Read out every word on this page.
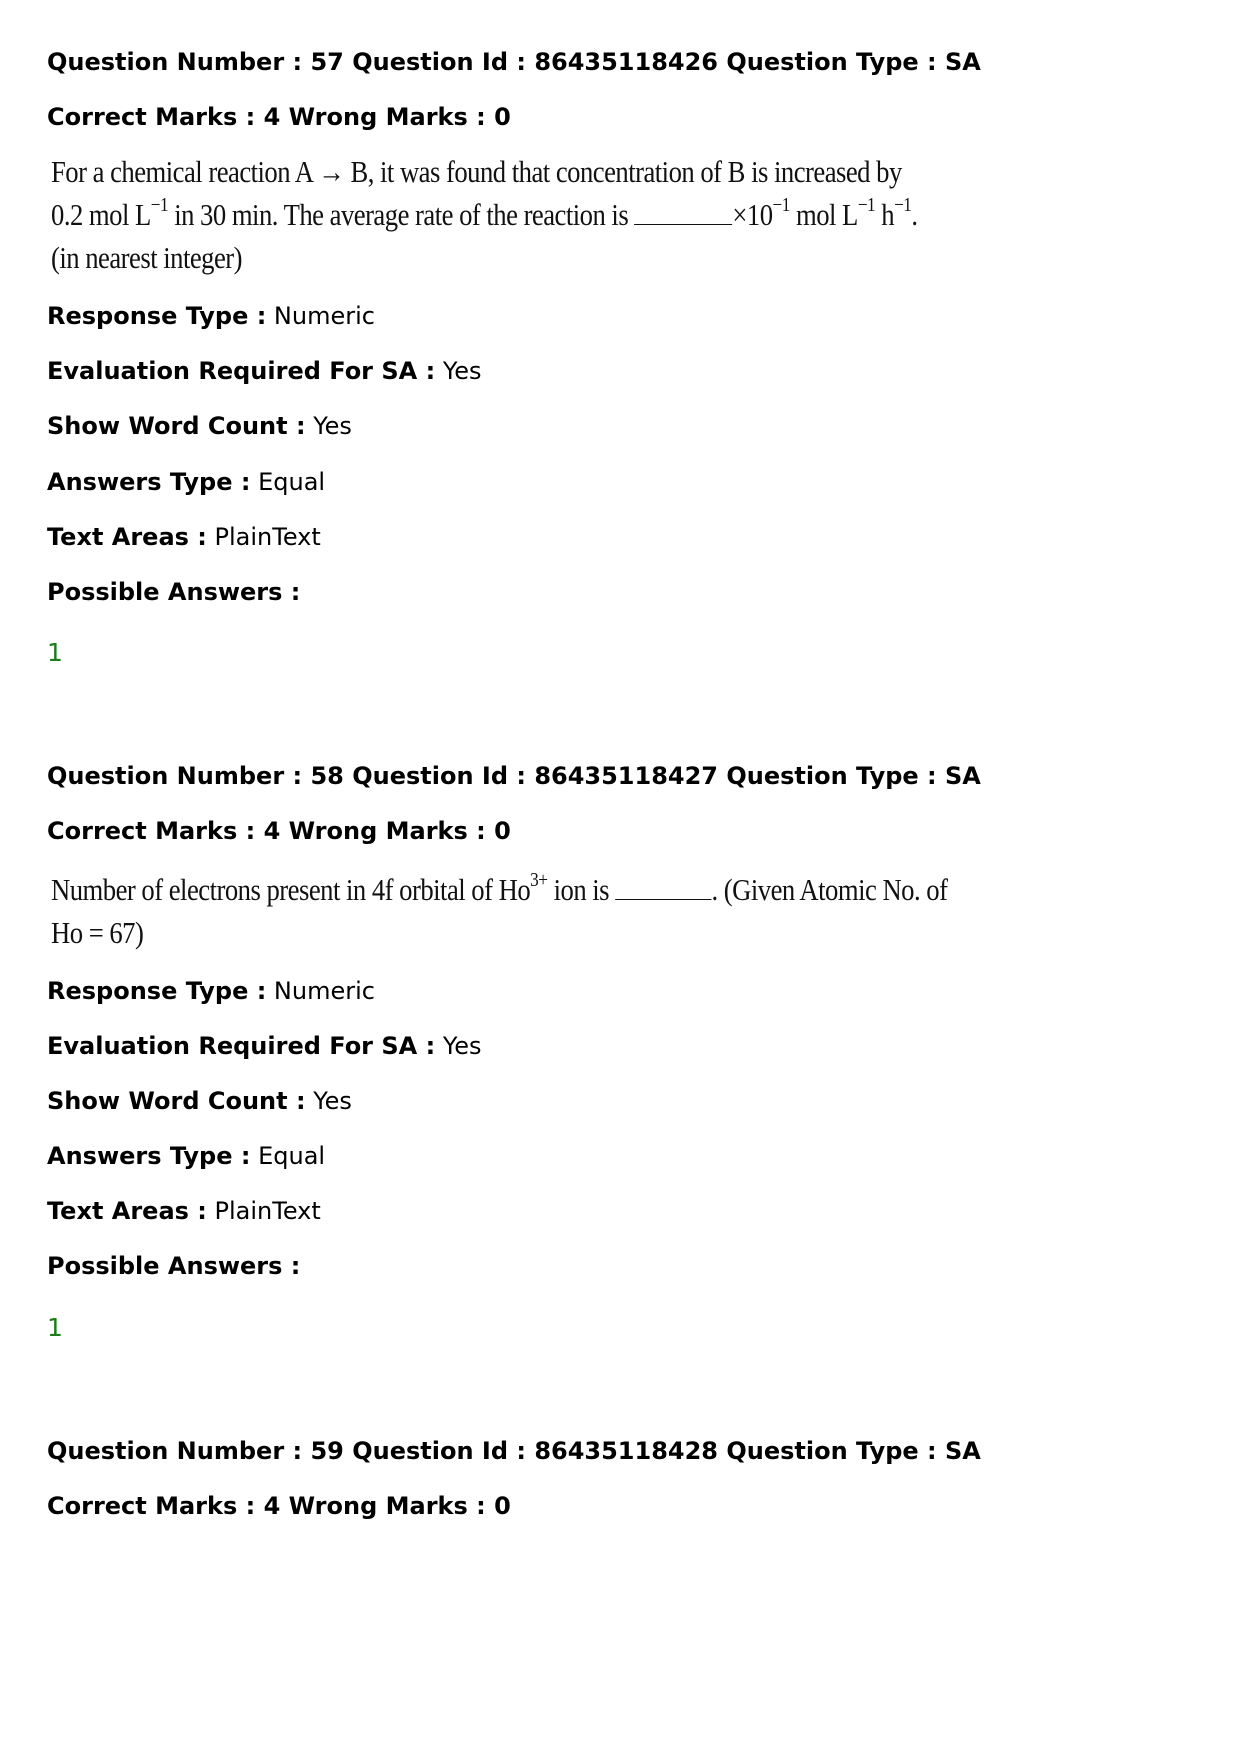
Question Number : 57 Question Id : 86435118426 Question Type : SA
Correct Marks : 4 Wrong Marks : 0
For a chemical reaction A → B, it was found that concentration of B is increased by
0.2 mol $L^{-1}$ in 30 min. The average rate of the reaction is	$\times 10^{-1}$ mol $L^{-1}$ $h^{-1}$.
(in nearest integer)
Response Type : Numeric
Evaluation Required For SA : Yes
Show Word Count : Yes
Answers Type : Equal
Text Areas : PlainText
Possible Answers :
1
Question Number : 58 Question Id : 86435118427 Question Type : SA
Correct Marks : 4 Wrong Marks : 0
Number of electrons present in 4f orbital of $Ho^{3+}$ ion is	. (Given Atomic No. of
Ho = 67)
Response Type : Numeric
Evaluation Required For SA : Yes
Show Word Count : Yes
Answers Type : Equal
Text Areas : PlainText
Possible Answers :
1
Question Number : 59 Question Id : 86435118428 Question Type : SA
Correct Marks : 4 Wrong Marks : 0
